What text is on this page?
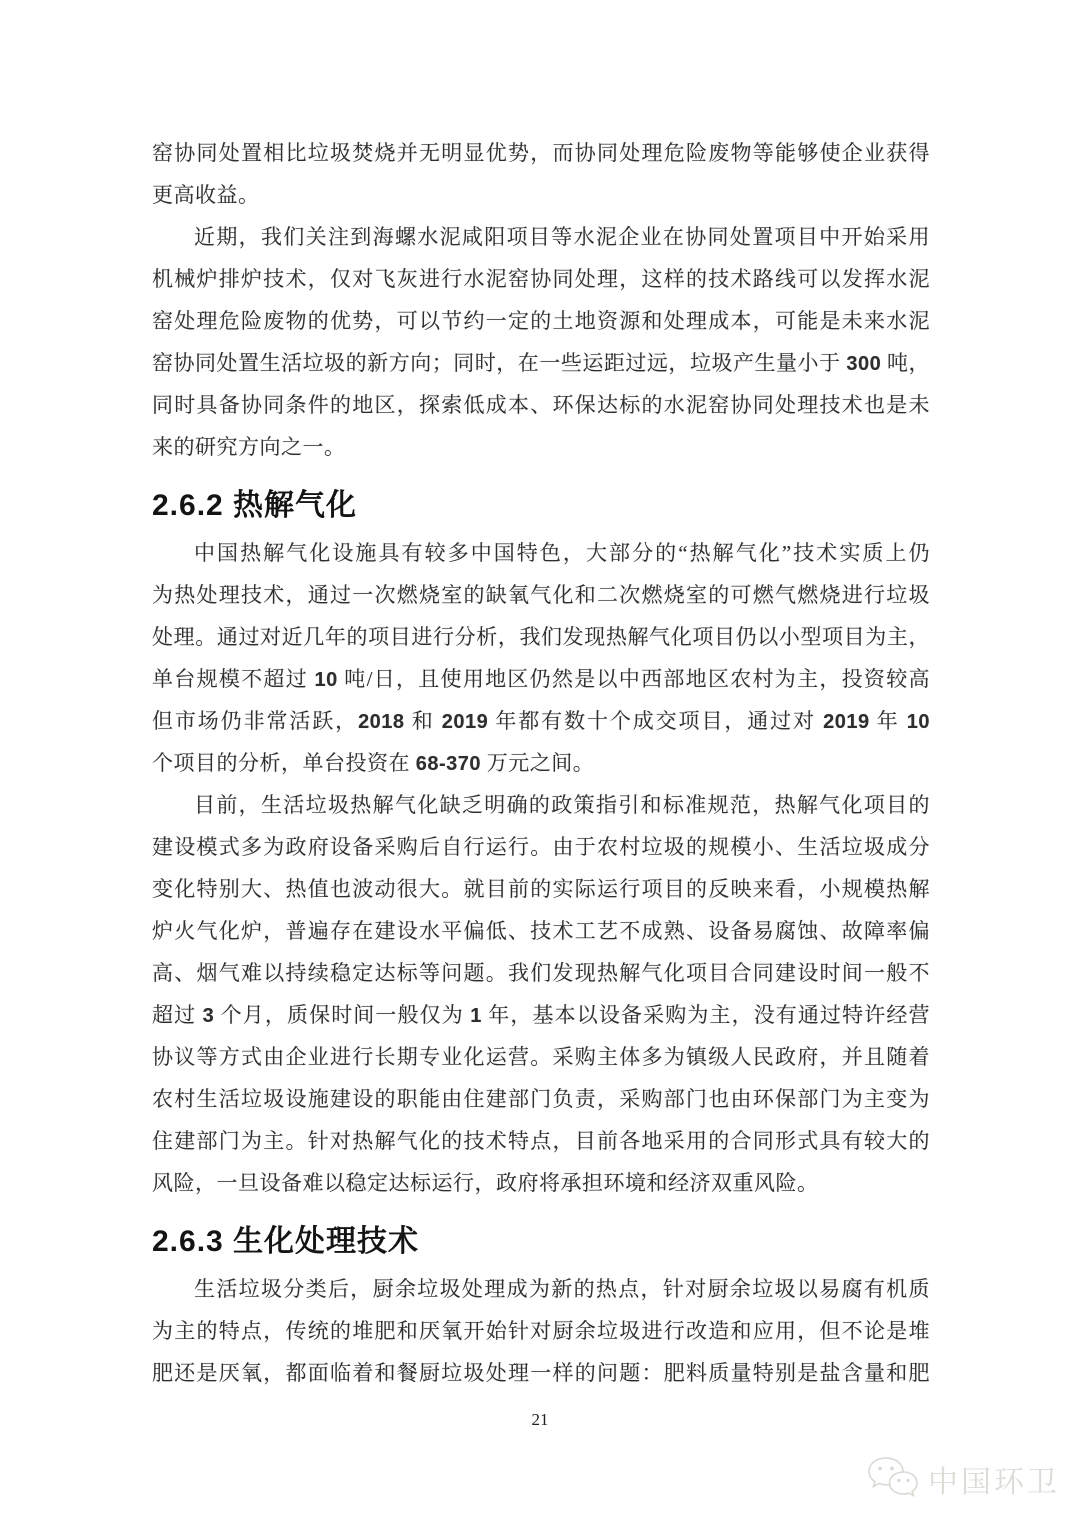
窑协同处置相比垃圾焚烧并无明显优势，而协同处理危险废物等能够使企业获得
更高收益。
近期，我们关注到海螺水泥咸阳项目等水泥企业在协同处置项目中开始采用
机械炉排炉技术，仅对飞灰进行水泥窑协同处理，这样的技术路线可以发挥水泥
窑处理危险废物的优势，可以节约一定的土地资源和处理成本，可能是未来水泥
窑协同处置生活垃圾的新方向；同时，在一些运距过远，垃圾产生量小于 300 吨，
同时具备协同条件的地区，探索低成本、环保达标的水泥窑协同处理技术也是未
来的研究方向之一。
2.6.2 热解气化
中国热解气化设施具有较多中国特色，大部分的“热解气化”技术实质上仍
为热处理技术，通过一次燃烧室的缺氧气化和二次燃烧室的可燃气燃烧进行垃圾
处理。通过对近几年的项目进行分析，我们发现热解气化项目仍以小型项目为主，
单台规模不超过 10 吨/日，且使用地区仍然是以中西部地区农村为主，投资较高
但市场仍非常活跃，2018 和 2019 年都有数十个成交项目，通过对 2019 年 10
个项目的分析，单台投资在 68-370 万元之间。
目前，生活垃圾热解气化缺乏明确的政策指引和标准规范，热解气化项目的
建设模式多为政府设备采购后自行运行。由于农村垃圾的规模小、生活垃圾成分
变化特别大、热值也波动很大。就目前的实际运行项目的反映来看，小规模热解
炉火气化炉，普遍存在建设水平偏低、技术工艺不成熟、设备易腐蚀、故障率偏
高、烟气难以持续稳定达标等问题。我们发现热解气化项目合同建设时间一般不
超过 3 个月，质保时间一般仅为 1 年，基本以设备采购为主，没有通过特许经营
协议等方式由企业进行长期专业化运营。采购主体多为镇级人民政府，并且随着
农村生活垃圾设施建设的职能由住建部门负责，采购部门也由环保部门为主变为
住建部门为主。针对热解气化的技术特点，目前各地采用的合同形式具有较大的
风险，一旦设备难以稳定达标运行，政府将承担环境和经济双重风险。
2.6.3 生化处理技术
生活垃圾分类后，厨余垃圾处理成为新的热点，针对厨余垃圾以易腐有机质
为主的特点，传统的堆肥和厌氧开始针对厨余垃圾进行改造和应用，但不论是堆
肥还是厌氧，都面临着和餐厨垃圾处理一样的问题：肥料质量特别是盐含量和肥
21
中国环卫
